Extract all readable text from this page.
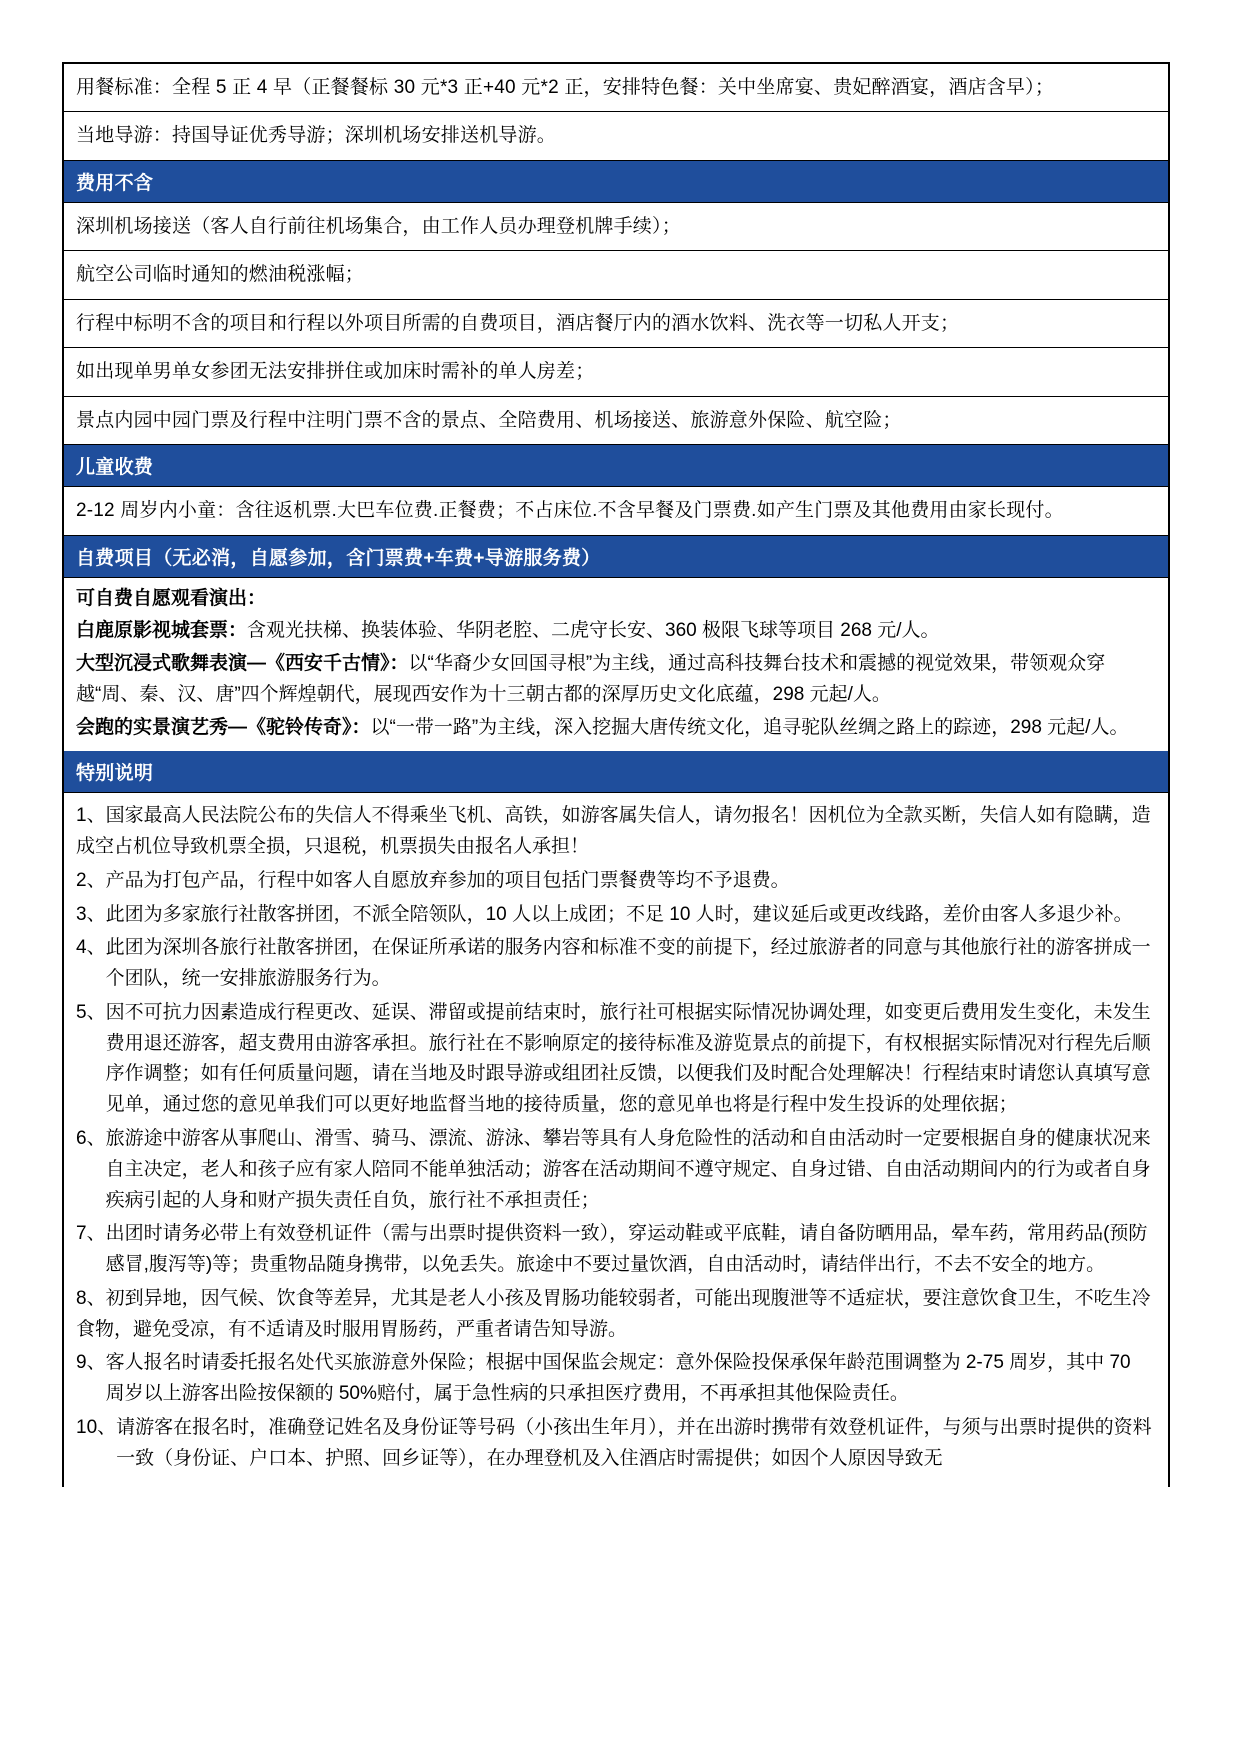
用餐标准：全程 5 正 4 早（正餐餐标 30 元*3 正+40 元*2 正，安排特色餐：关中坐席宴、贵妃醉酒宴，酒店含早）；
当地导游：持国导证优秀导游；深圳机场安排送机导游。
费用不含
深圳机场接送（客人自行前往机场集合，由工作人员办理登机牌手续）；
航空公司临时通知的燃油税涨幅；
行程中标明不含的项目和行程以外项目所需的自费项目，酒店餐厅内的酒水饮料、洗衣等一切私人开支；
如出现单男单女参团无法安排拼住或加床时需补的单人房差；
景点内园中园门票及行程中注明门票不含的景点、全陪费用、机场接送、旅游意外保险、航空险；
儿童收费
2-12 周岁内小童：含往返机票.大巴车位费.正餐费；不占床位.不含早餐及门票费.如产生门票及其他费用由家长现付。
自费项目（无必消，自愿参加，含门票费+车费+导游服务费）
可自费自愿观看演出：
白鹿原影视城套票：含观光扶梯、换装体验、华阴老腔、二虎守长安、360 极限飞球等项目 268 元/人。
大型沉浸式歌舞表演—《西安千古情》：以“华裔少女回国寻根”为主线，通过高科技舞台技术和震撼的视觉效果，带领观众穿越“周、秦、汉、唐”四个辉煌朝代，展现西安作为十三朝古都的深厚历史文化底蕴，298 元起/人。
会跑的实景演艺秀—《驼铃传奇》：以“一带一路”为主线，深入挖掘大唐传统文化，追寻驼队丝绸之路上的踪迹，298 元起/人。
特别说明
1、国家最高人民法院公布的失信人不得乘坐飞机、高铁，如游客属失信人，请勿报名！因机位为全款买断，失信人如有隐瞒，造成空占机位导致机票全损，只退税，机票损失由报名人承担！
2、产品为打包产品，行程中如客人自愿放弃参加的项目包括门票餐费等均不予退费。
3、此团为多家旅行社散客拼团，不派全陪领队，10 人以上成团；不足 10 人时，建议延后或更改线路，差价由客人多退少补。
4、 此团为深圳各旅行社散客拼团，在保证所承诺的服务内容和标准不变的前提下，经过旅游者的同意与其他旅行社的游客拼成一个团队，统一安排旅游服务行为。
5、 因不可抗力因素造成行程更改、延误、滞留或提前结束时，旅行社可根据实际情况协调处理，如变更后费用发生变化，未发生费用退还游客，超支费用由游客承担。旅行社在不影响原定的接待标准及游览景点的前提下，有权根据实际情况对行程先后顺序作调整；如有任何质量问题，请在当地及时跟导游或组团社反馈，以便我们及时配合处理解决！行程结束时请您认真填写意见单，通过您的意见单我们可以更好地监督当地的接待质量，您的意见单也将是行程中发生投诉的处理依据；
6、 旅游途中游客从事爬山、滑雪、骑马、漂流、游泳、攀岩等具有人身危险性的活动和自由活动时一定要根据自身的健康状况来自主决定，老人和孩子应有家人陪同不能单独活动；游客在活动期间不遵守规定、自身过错、自由活动期间内的行为或者自身疾病引起的人身和财产损失责任自负，旅行社不承担责任；
7、 出团时请务必带上有效登机证件（需与出票时提供资料一致），穿运动鞋或平底鞋，请自备防晒用品，晕车药，常用药品(预防感冒,腹泻等)等；贵重物品随身携带，以免丢失。旅途中不要过量饮酒，自由活动时，请结伴出行，不去不安全的地方。
8、初到异地，因气候、饮食等差异，尤其是老人小孩及胃肠功能较弱者，可能出现腹泄等不适症状，要注意饮食卫生，不吃生冷食物，避免受凉，有不适请及时服用胃肠药，严重者请告知导游。
9、 客人报名时请委托报名处代买旅游意外保险；根据中国保监会规定：意外保险投保承保年龄范围调整为 2-75 周岁，其中 70 周岁以上游客出险按保额的 50%赔付，属于急性病的只承担医疗费用，不再承担其他保险责任。
10、 请游客在报名时，准确登记姓名及身份证等号码（小孩出生年月），并在出游时携带有效登机证件，与须与出票时提供的资料一致（身份证、户口本、护照、回乡证等），在办理登机及入住酒店时需提供；如因个人原因导致无
